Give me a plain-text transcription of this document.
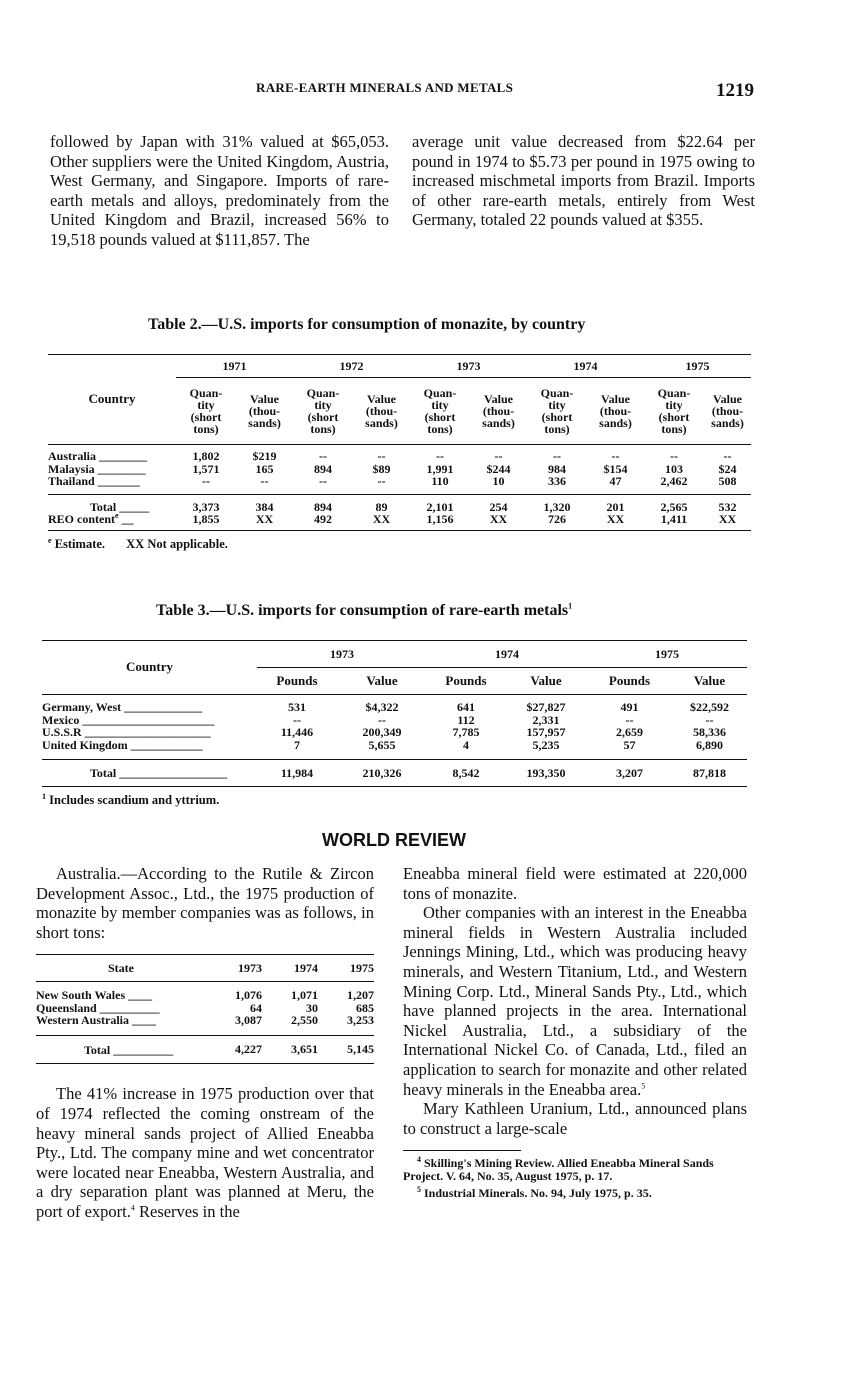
RARE-EARTH MINERALS AND METALS	1219

followed by Japan with 31% valued at $65,053. Other suppliers were the United Kingdom, Austria, West Germany, and Singapore. Imports of rare-earth metals and alloys, predominately from the United Kingdom and Brazil, increased 56% to 19,518 pounds valued at $111,857. The

average unit value decreased from $22.64 per pound in 1974 to $5.73 per pound in 1975 owing to increased mischmetal imports from Brazil. Imports of other rare-earth metals, entirely from West Germany, totaled 22 pounds valued at $355.

Table 2.—U.S. imports for consumption of monazite, by country
Country	1971		1972		1973		1974		1975	
	Quan-
tity
(short
tons)	Value
(thou-
sands)	Quan-
tity
(short
tons)	Value
(thou-
sands)	Quan-
tity
(short
tons)	Value
(thou-
sands)	Quan-
tity
(short
tons)	Value
(thou-
sands)	Quan-
tity
(short
tons)	Value
(thou-
sands)
Australia ________	1,802	$219	--	--	--	--	--	--	--	--
Malaysia ________	1,571	165	894	$89	1,991	$244	984	$154	103	$24
Thailand _______	--	--	--	--	110	10	336	47	2,462	508
Total _____	3,373	384	894	89	2,101	254	1,320	201	2,565	532
REO content$^e$ __	1,855	XX	492	XX	1,156	XX	726	XX	1,411	XX
$^e$ Estimate. XX Not applicable.
Table 3.—U.S. imports for consumption of rare-earth metals$^1$
Country	1973		1974		1975	
	Pounds	Value	Pounds	Value	Pounds	Value
Germany, West _____________	531	$4,322	641	$27,827	491	$22,592
Mexico ______________________	--	--	112	2,331	--	--
U.S.S.R _____________________	11,446	200,349	7,785	157,957	2,659	58,336
United Kingdom ____________	7	5,655	4	5,235	57	6,890
Total __________________	11,984	210,326	8,542	193,350	3,207	87,818
$^1$ Includes scandium and yttrium.
WORLD REVIEW

Australia.—According to the Rutile & Zircon Development Assoc., Ltd., the 1975 production of monazite by member companies was as follows, in short tons:

State	1973	1974	1975
New South Wales ____	1,076	1,071	1,207
Queensland __________	64	30	685
Western Australia ____	3,087	2,550	3,253
Total __________	4,227	3,651	5,145

The 41% increase in 1975 production over that of 1974 reflected the coming onstream of the heavy mineral sands project of Allied Eneabba Pty., Ltd. The company mine and wet concentrator were located near Eneabba, Western Australia, and a dry separation plant was planned at Meru, the port of export.$^4$ Reserves in the

Eneabba mineral field were estimated at 220,000 tons of monazite.

Other companies with an interest in the Eneabba mineral fields in Western Australia included Jennings Mining, Ltd., which was producing heavy minerals, and Western Titanium, Ltd., and Western Mining Corp. Ltd., Mineral Sands Pty., Ltd., which have planned projects in the area. International Nickel Australia, Ltd., a subsidiary of the International Nickel Co. of Canada, Ltd., filed an application to search for monazite and other related heavy minerals in the Eneabba area.$^5$

Mary Kathleen Uranium, Ltd., announced plans to construct a large-scale

$^4$ Skilling's Mining Review. Allied Eneabba Mineral Sands Project. V. 64, No. 35, August 1975, p. 17.
$^5$ Industrial Minerals. No. 94, July 1975, p. 35.
